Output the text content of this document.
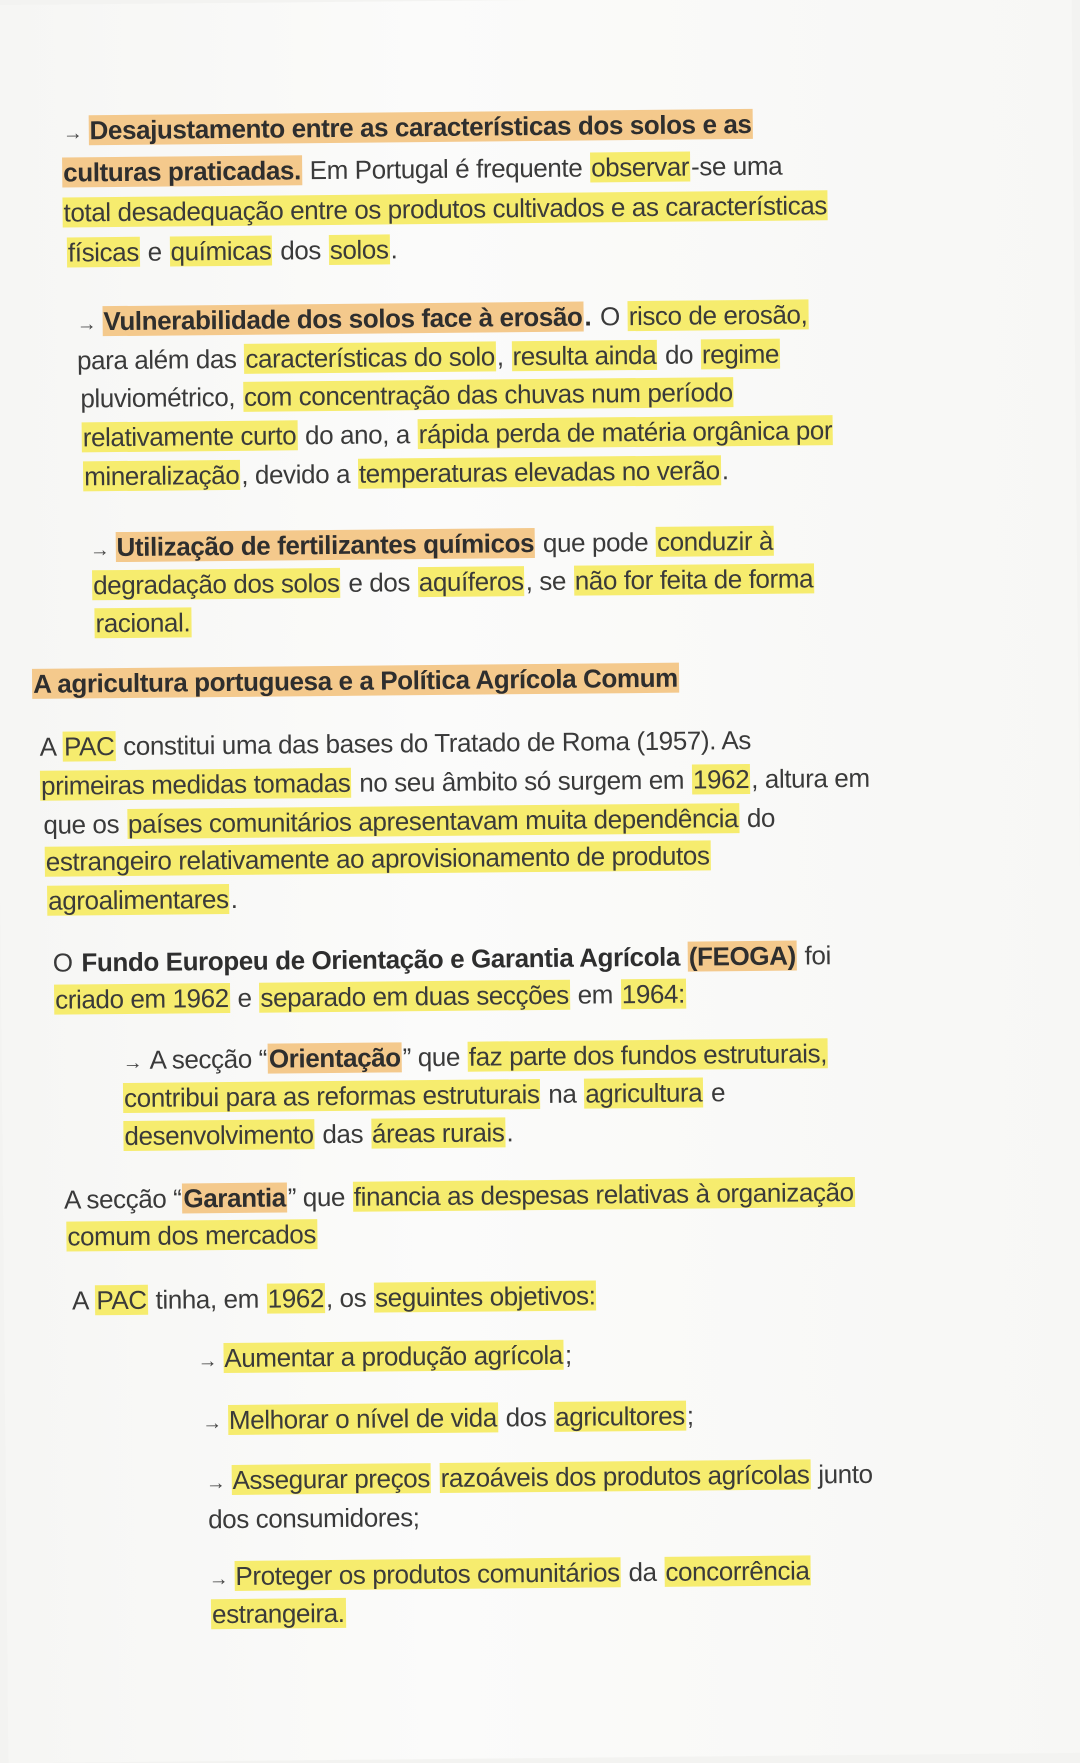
→ Desajustamento entre as características dos solos e as
culturas praticadas. Em Portugal é frequente observar-se uma
total desadequação entre os produtos cultivados e as características
físicas e químicas dos solos.
→ Vulnerabilidade dos solos face à erosão. O risco de erosão,
para além das características do solo, resulta ainda do regime
pluviométrico, com concentração das chuvas num período
relativamente curto do ano, a rápida perda de matéria orgânica por
mineralização, devido a temperaturas elevadas no verão.
→ Utilização de fertilizantes químicos que pode conduzir à
degradação dos solos e dos aquíferos, se não for feita de forma
racional.
A agricultura portuguesa e a Política Agrícola Comum
A PAC constitui uma das bases do Tratado de Roma (1957). As
primeiras medidas tomadas no seu âmbito só surgem em 1962, altura em
que os países comunitários apresentavam muita dependência do
estrangeiro relativamente ao aprovisionamento de produtos
agroalimentares.
O Fundo Europeu de Orientação e Garantia Agrícola (FEOGA) foi
criado em 1962 e separado em duas secções em 1964:
→ A secção “Orientação” que faz parte dos fundos estruturais,
contribui para as reformas estruturais na agricultura e
desenvolvimento das áreas rurais.
A secção “Garantia” que financia as despesas relativas à organização
comum dos mercados
A PAC tinha, em 1962, os seguintes objetivos:
→ Aumentar a produção agrícola;
→ Melhorar o nível de vida dos agricultores;
→ Assegurar preços razoáveis dos produtos agrícolas junto
dos consumidores;
→ Proteger os produtos comunitários da concorrência
estrangeira.
